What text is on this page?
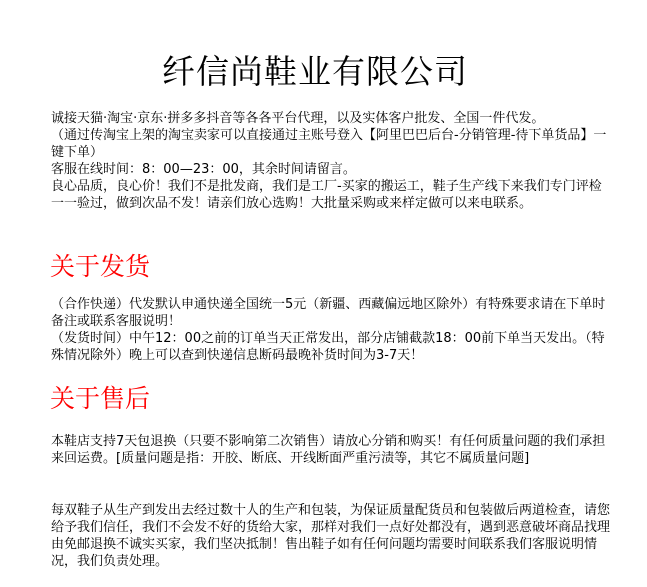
纤信尚鞋业有限公司

诚接天猫·淘宝·京东·拼多多抖音等各各平台代理，以及实体客户批发、全国一件代发。

（通过传淘宝上架的淘宝卖家可以直接通过主账号登入【阿里巴巴后台-分销管理-待下单货品】一键下单）

客服在线时间：8：00—23：00，其余时间请留言。

良心品质，良心价！我们不是批发商，我们是工厂-买家的搬运工，鞋子生产线下来我们专门评检一一验过，做到次品不发！请亲们放心选购！大批量采购或来样定做可以来电联系。

关于发货

（合作快递）代发默认申通快递全国统一5元（新疆、西藏偏远地区除外）有特殊要求请在下单时备注或联系客服说明！

（发货时间）中午12：00之前的订单当天正常发出，部分店铺截款18：00前下单当天发出。（特殊情况除外）晚上可以查到快递信息断码最晚补货时间为3-7天！

关于售后
本鞋店支持7天包退换（只要不影响第二次销售）请放心分销和购买！有任何质量问题的我们承担来回运费。[质量问题是指：开胶、断底、开线断面严重污渍等，其它不属质量问题]
每双鞋子从生产到发出去经过数十人的生产和包装，为保证质量配货员和包装做后两道检查，请您给予我们信任，我们不会发不好的货给大家，那样对我们一点好处都没有，遇到恶意破坏商品找理由免邮退换不诚实买家，我们坚决抵制！售出鞋子如有任何问题均需要时间联系我们客服说明情况，我们负责处理。
